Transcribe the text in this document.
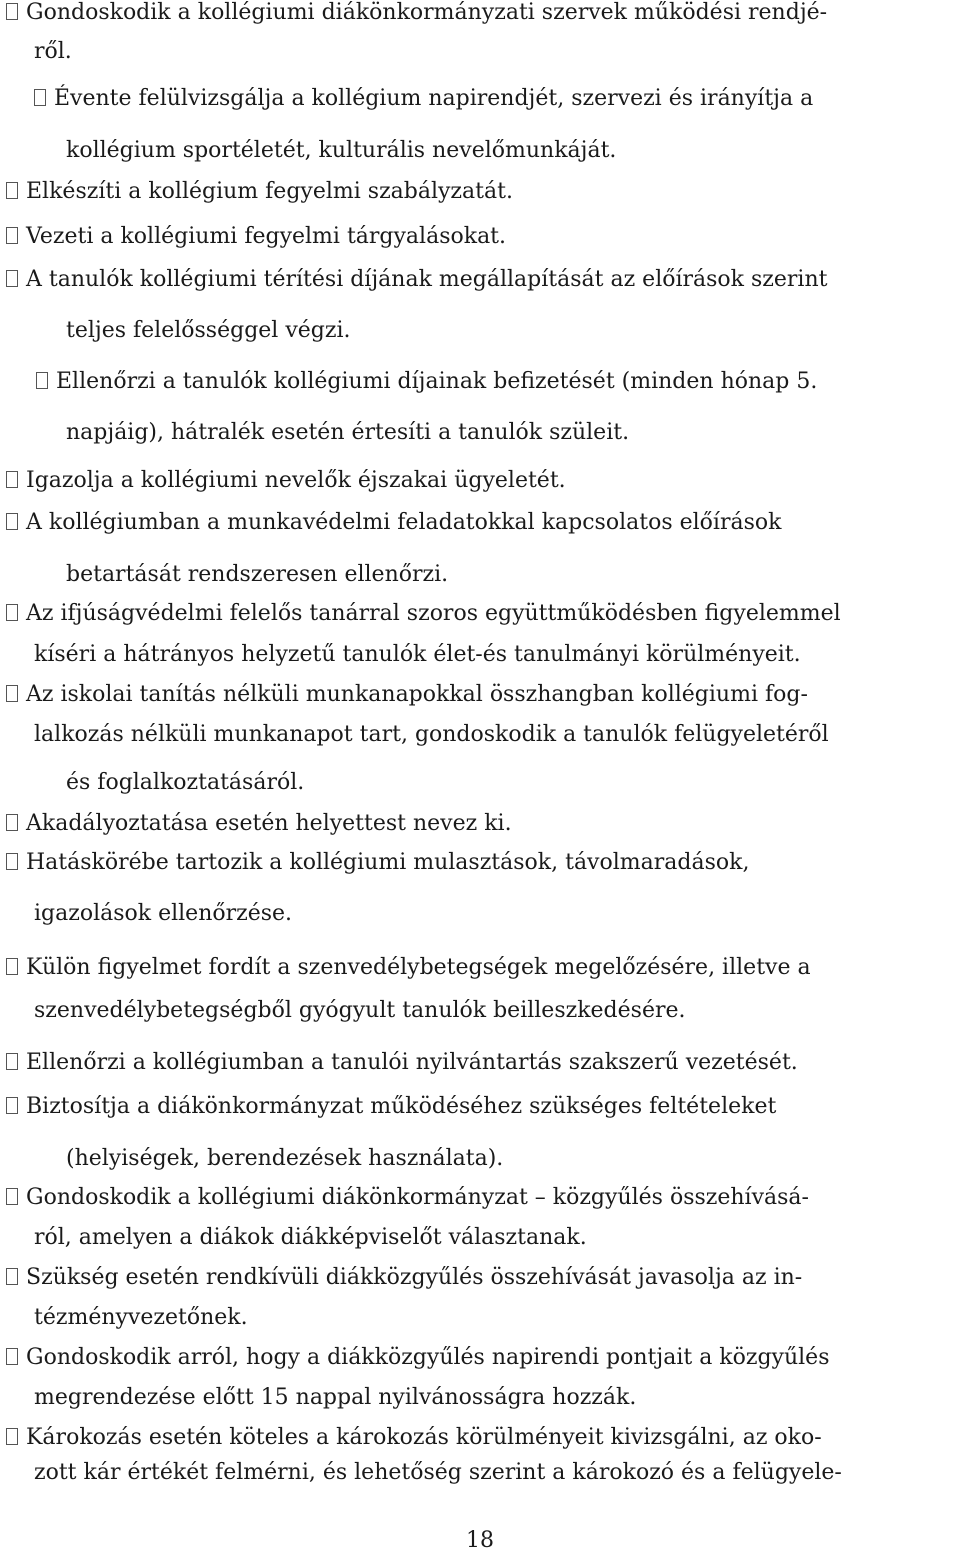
Gondoskodik a kollégiumi diákönkormányzati szervek működési rendjé-
ről.
Évente felülvizsgálja a kollégium napirendjét, szervezi és irányítja a
kollégium sportéletét, kulturális nevelőmunkáját.
Elkészíti a kollégium fegyelmi szabályzatát.
Vezeti a kollégiumi fegyelmi tárgyalásokat.
A tanulók kollégiumi térítési díjának megállapítását az előírások szerint
teljes felelősséggel végzi.
Ellenőrzi a tanulók kollégiumi díjainak befizetését (minden hónap 5.
napjáig), hátralék esetén értesíti a tanulók szüleit.
Igazolja a kollégiumi nevelők éjszakai ügyeletét.
A kollégiumban a munkavédelmi feladatokkal kapcsolatos előírások
betartását rendszeresen ellenőrzi.
Az ifjúságvédelmi felelős tanárral szoros együttműködésben figyelemmel
kíséri a hátrányos helyzetű tanulók élet-és tanulmányi körülményeit.
Az iskolai tanítás nélküli munkanapokkal összhangban kollégiumi fog-
lalkozás nélküli munkanapot tart, gondoskodik a tanulók felügyeletéről
és foglalkoztatásáról.
Akadályoztatása esetén helyettest nevez ki.
Hatáskörébe tartozik a kollégiumi mulasztások, távolmaradások,
igazolások ellenőrzése.
Külön figyelmet fordít a szenvedélybetegségek megelőzésére, illetve a
szenvedélybetegségből gyógyult tanulók beilleszkedésére.
Ellenőrzi a kollégiumban a tanulói nyilvántartás szakszerű vezetését.
Biztosítja a diákönkormányzat működéséhez szükséges feltételeket
(helyiségek, berendezések használata).
Gondoskodik a kollégiumi diákönkormányzat – közgyűlés összehívásá-
ról, amelyen a diákok diákképviselőt választanak.
Szükség esetén rendkívüli diákközgyűlés összehívását javasolja az in-
tézményvezetőnek.
Gondoskodik arról, hogy a diákközgyűlés napirendi pontjait a közgyűlés
megrendezése előtt 15 nappal nyilvánosságra hozzák.
Károkozás esetén köteles a károkozás körülményeit kivizsgálni, az oko-
zott kár értékét felmérni, és lehetőség szerint a károkozó és a felügyele-
18
